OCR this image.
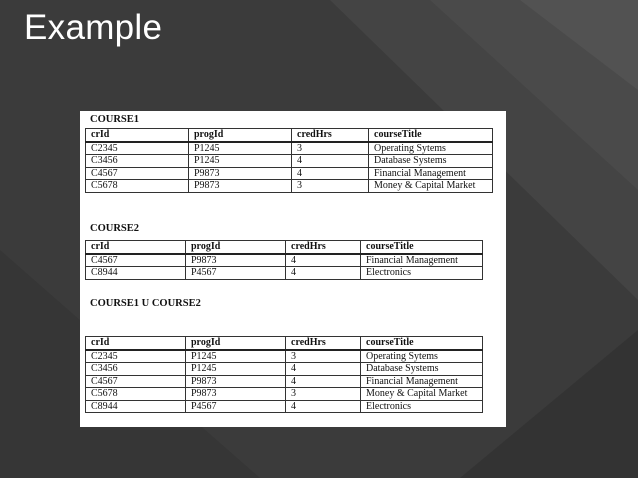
Example
COURSE1
crId	progId	credHrs	courseTitle
C2345	P1245	3	Operating Sytems
C3456	P1245	4	Database Systems
C4567	P9873	4	Financial Management
C5678	P9873	3	Money & Capital Market
COURSE2
crId	progId	credHrs	courseTitle
C4567	P9873	4	Financial Management
C8944	P4567	4	Electronics
COURSE1 U COURSE2
crId	progId	credHrs	courseTitle
C2345	P1245	3	Operating Sytems
C3456	P1245	4	Database Systems
C4567	P9873	4	Financial Management
C5678	P9873	3	Money & Capital Market
C8944	P4567	4	Electronics
